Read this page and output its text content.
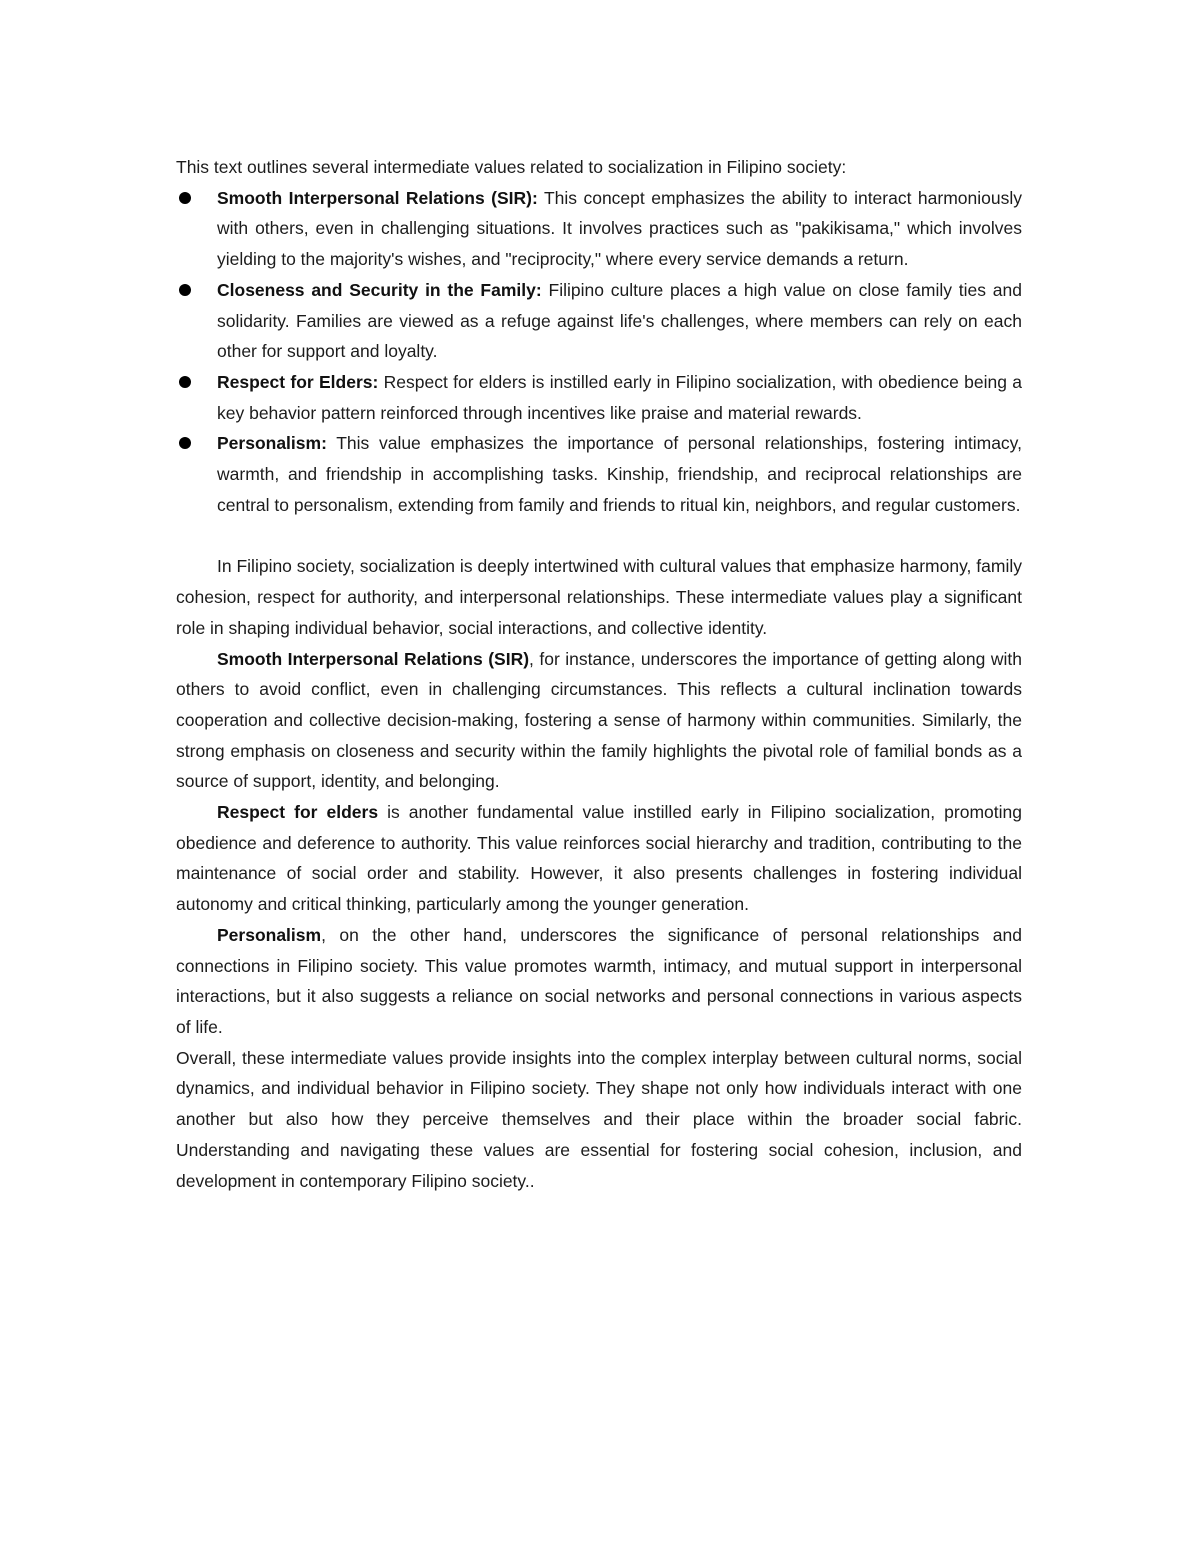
This text outlines several intermediate values related to socialization in Filipino society:

Smooth Interpersonal Relations (SIR): This concept emphasizes the ability to interact harmoniously with others, even in challenging situations. It involves practices such as "pakikisama," which involves yielding to the majority's wishes, and "reciprocity," where every service demands a return.
Closeness and Security in the Family: Filipino culture places a high value on close family ties and solidarity. Families are viewed as a refuge against life's challenges, where members can rely on each other for support and loyalty.
Respect for Elders: Respect for elders is instilled early in Filipino socialization, with obedience being a key behavior pattern reinforced through incentives like praise and material rewards.
Personalism: This value emphasizes the importance of personal relationships, fostering intimacy, warmth, and friendship in accomplishing tasks. Kinship, friendship, and reciprocal relationships are central to personalism, extending from family and friends to ritual kin, neighbors, and regular customers.

In Filipino society, socialization is deeply intertwined with cultural values that emphasize harmony, family cohesion, respect for authority, and interpersonal relationships. These intermediate values play a significant role in shaping individual behavior, social interactions, and collective identity.

Smooth Interpersonal Relations (SIR), for instance, underscores the importance of getting along with others to avoid conflict, even in challenging circumstances. This reflects a cultural inclination towards cooperation and collective decision-making, fostering a sense of harmony within communities. Similarly, the strong emphasis on closeness and security within the family highlights the pivotal role of familial bonds as a source of support, identity, and belonging.

Respect for elders is another fundamental value instilled early in Filipino socialization, promoting obedience and deference to authority. This value reinforces social hierarchy and tradition, contributing to the maintenance of social order and stability. However, it also presents challenges in fostering individual autonomy and critical thinking, particularly among the younger generation.

Personalism, on the other hand, underscores the significance of personal relationships and connections in Filipino society. This value promotes warmth, intimacy, and mutual support in interpersonal interactions, but it also suggests a reliance on social networks and personal connections in various aspects of life.

Overall, these intermediate values provide insights into the complex interplay between cultural norms, social dynamics, and individual behavior in Filipino society. They shape not only how individuals interact with one another but also how they perceive themselves and their place within the broader social fabric. Understanding and navigating these values are essential for fostering social cohesion, inclusion, and development in contemporary Filipino society..
